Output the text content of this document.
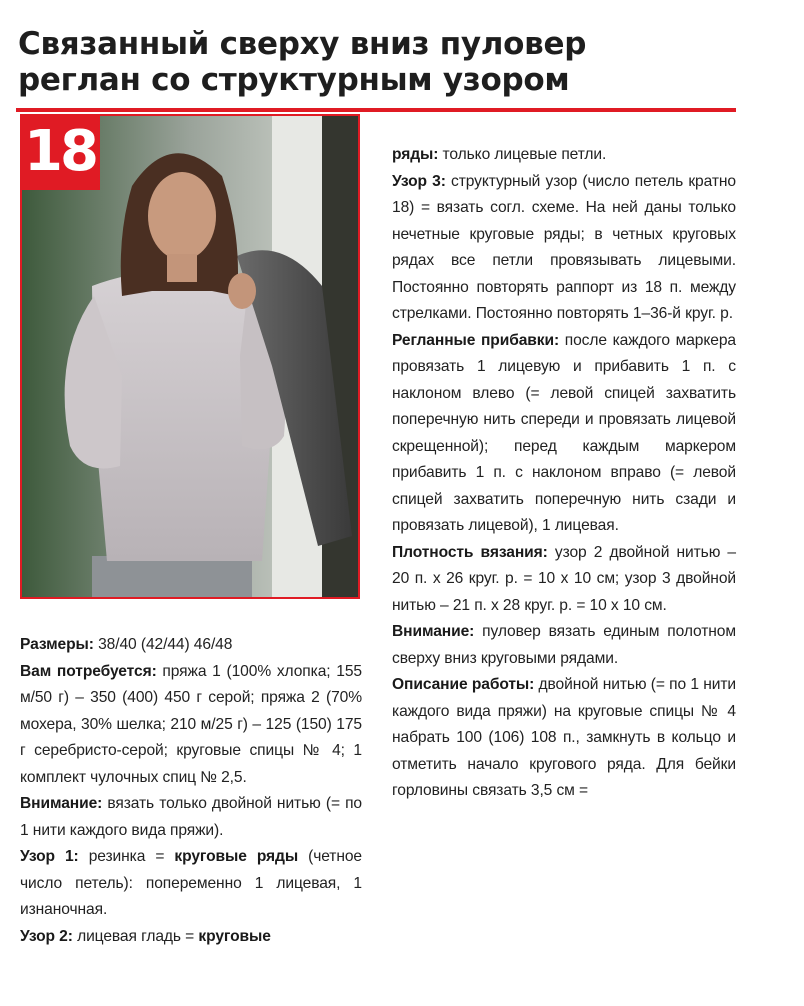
Связанный сверху вниз пуловер
реглан со структурным узором
18

Размеры: 38/40 (42/44) 46/48

Вам потребуется: пряжа 1 (100% хлопка; 155 м/50 г) – 350 (400) 450 г серой; пряжа 2 (70% мохера, 30% шелка; 210 м/25 г) – 125 (150) 175 г серебристо-серой; круговые спицы № 4; 1 комплект чулочных спиц № 2,5.

Внимание: вязать только двойной нитью (= по 1 нити каждого вида пряжи).

Узор 1: резинка = круговые ряды (четное число петель): попеременно 1 лицевая, 1 изнаночная.

Узор 2: лицевая гладь = круговые

ряды: только лицевые петли.

Узор 3: структурный узор (число петель кратно 18) = вязать согл. схеме. На ней даны только нечетные круговые ряды; в четных круговых рядах все петли провязывать лицевыми. Постоянно повторять раппорт из 18 п. между стрелками. Постоянно повторять 1–36-й круг. р.

Регланные прибавки: после каждого маркера провязать 1 лицевую и прибавить 1 п. с наклоном влево (= левой спицей захватить поперечную нить спереди и провязать лицевой скрещенной); перед каждым маркером прибавить 1 п. с наклоном вправо (= левой спицей захватить поперечную нить сзади и провязать лицевой), 1 лицевая.

Плотность вязания: узор 2 двойной нитью – 20 п. х 26 круг. р. = 10 х 10 см; узор 3 двойной нитью – 21 п. х 28 круг. р. = 10 х 10 см.

Внимание: пуловер вязать единым полотном сверху вниз круговыми рядами.

Описание работы: двойной нитью (= по 1 нити каждого вида пряжи) на круговые спицы № 4 набрать 100 (106) 108 п., замкнуть в кольцо и отметить начало кругового ряда. Для бейки горловины связать 3,5 см =
